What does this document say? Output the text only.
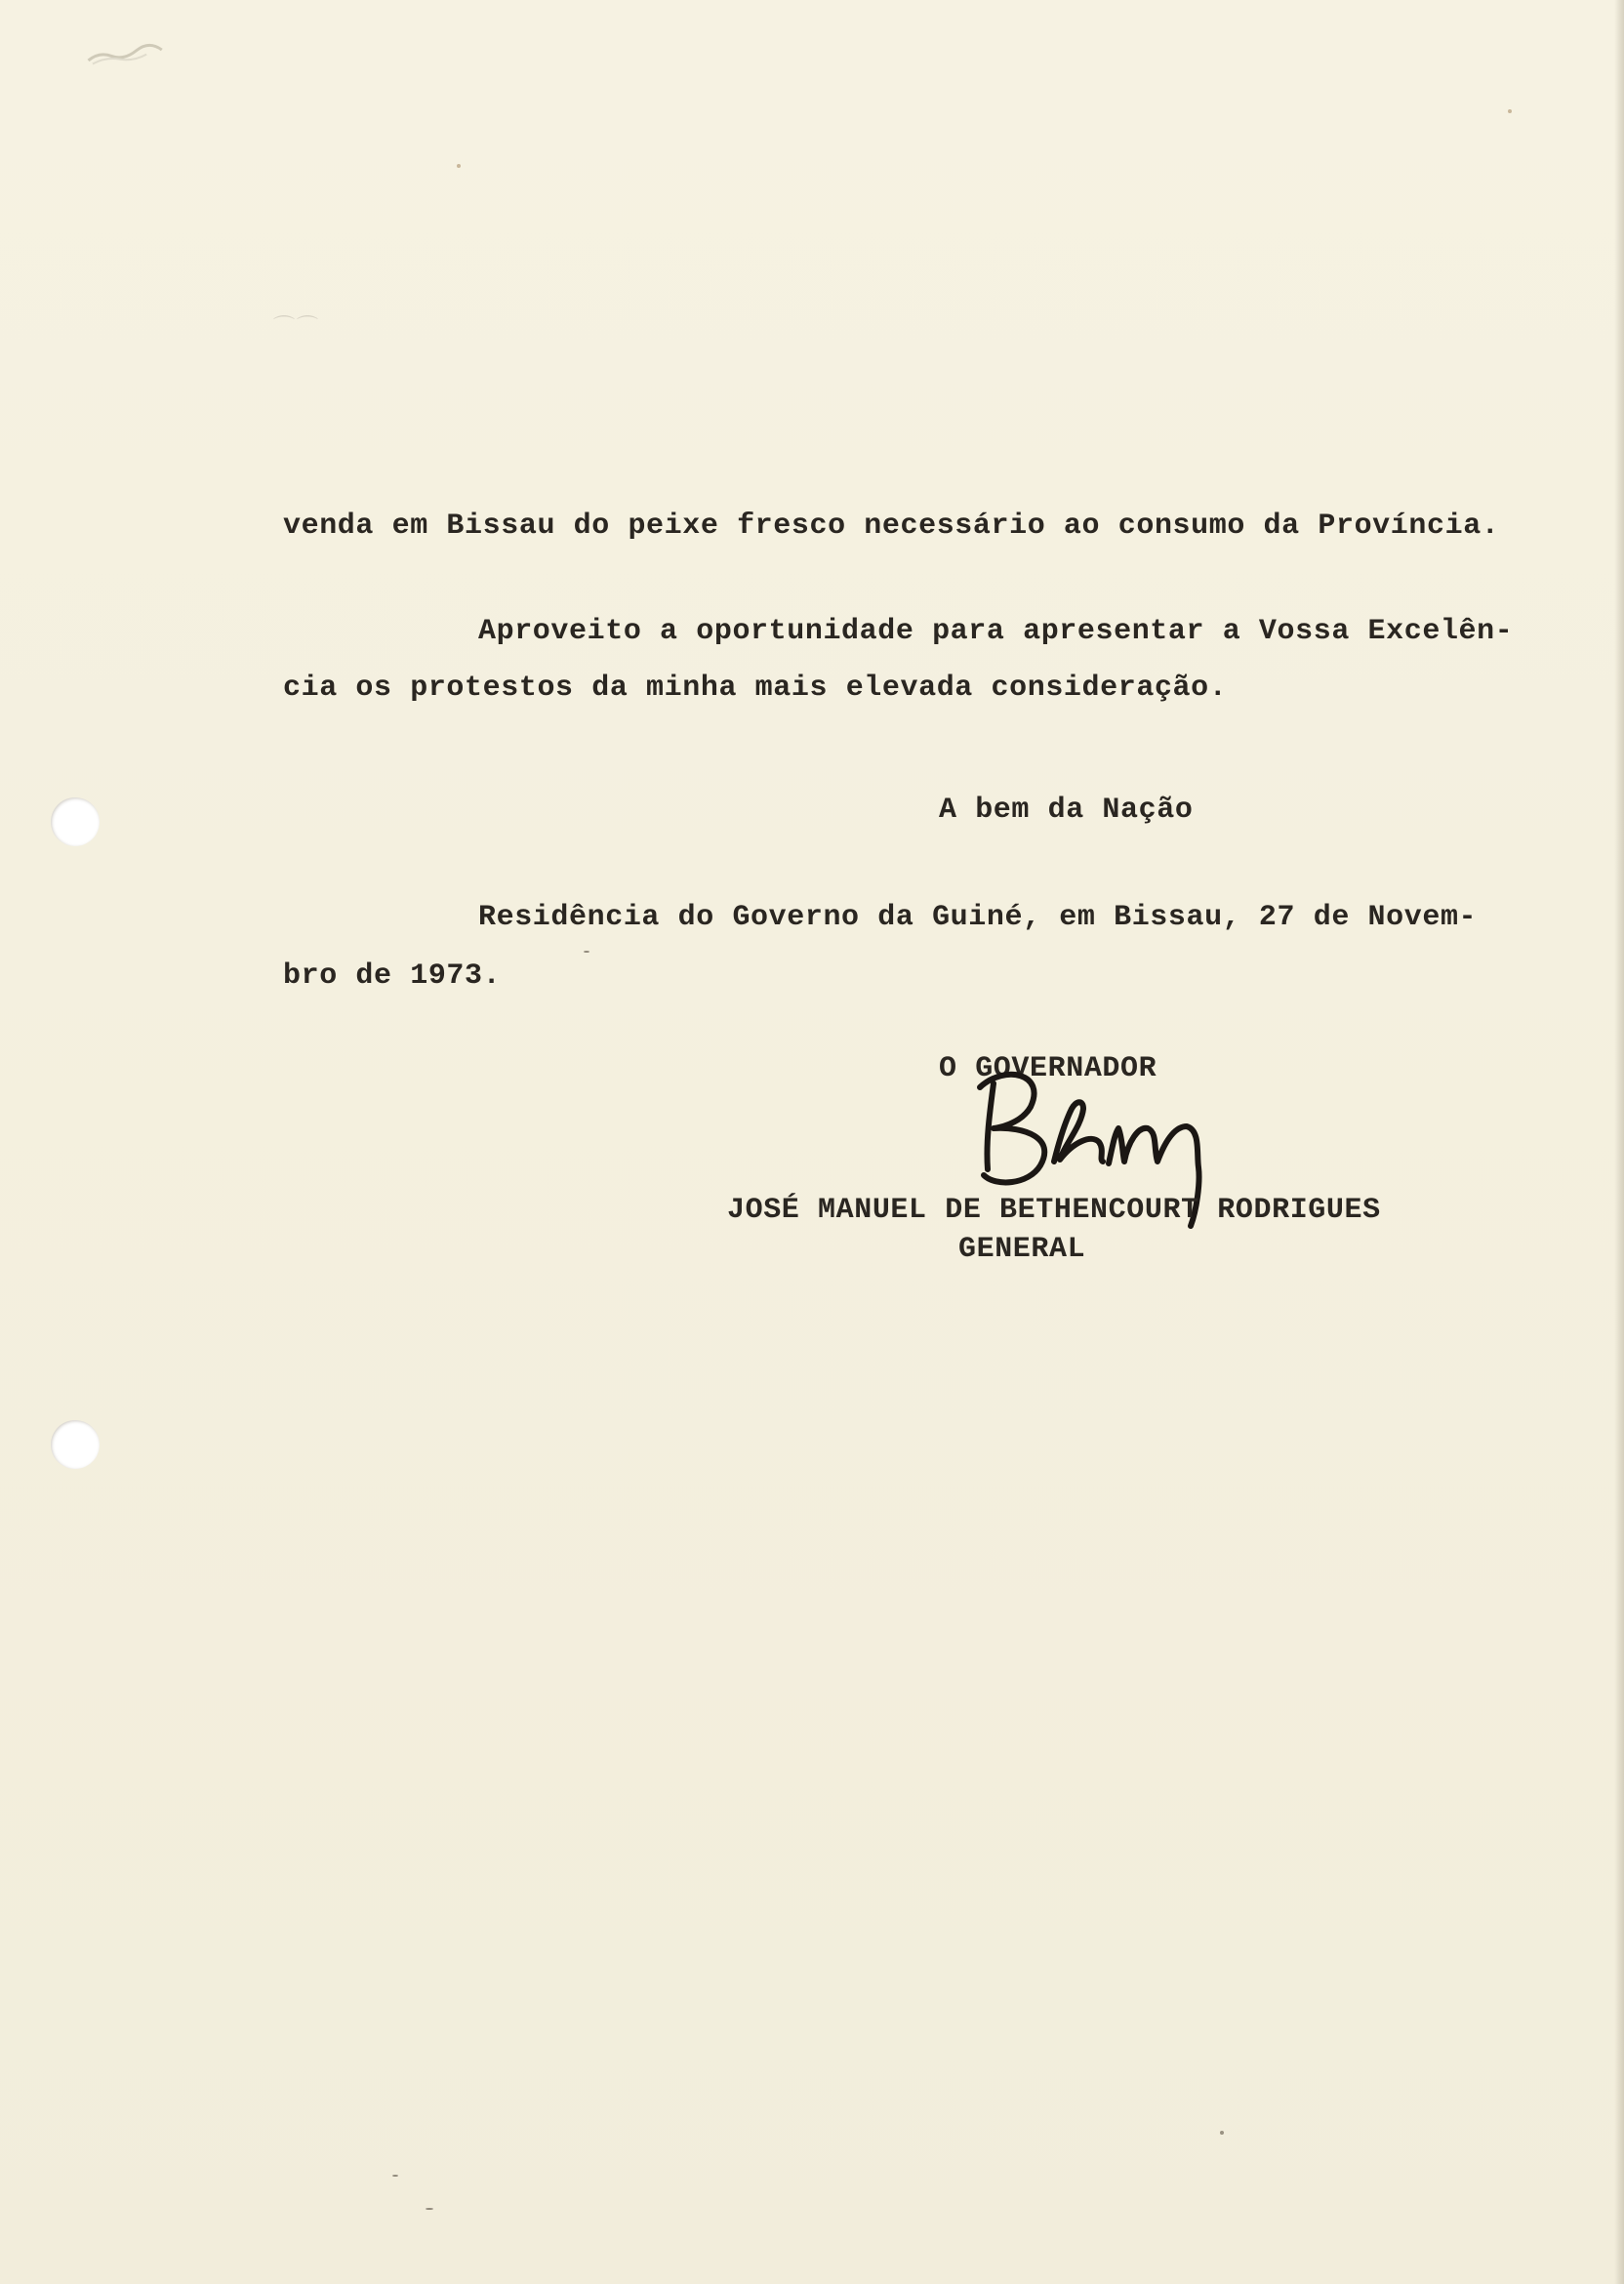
⌒⌒
venda em Bissau do peixe fresco necessário ao consumo da Província.
Aproveito a oportunidade para apresentar a Vossa Excelên-
cia os protestos da minha mais elevada consideração.
A bem da Nação
Residência do Governo da Guiné, em Bissau, 27 de Novem-
bro de 1973.
O GOVERNADOR
JOSÉ MANUEL DE BETHENCOURT RODRIGUES
GENERAL
